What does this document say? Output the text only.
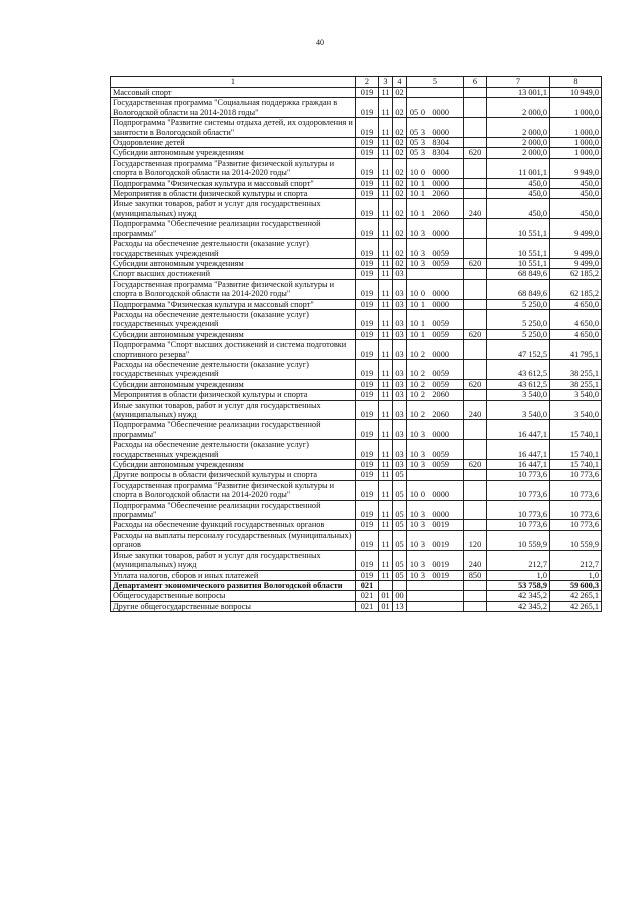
40
1	2	3	4	5	6	7	8
Массовый спорт	019	11	02			13 001,1	10 949,0
Государственная программа "Социальная поддержка граждан в Вологодской области на 2014-2018 годы"	019	11	02	05 0 0000		2 000,0	1 000,0
Подпрограмма "Развитие системы отдыха детей, их оздоровления и занятости в Вологодской области"	019	11	02	05 3 0000		2 000,0	1 000,0
Оздоровление детей	019	11	02	05 3 8304		2 000,0	1 000,0
Субсидии автономным учреждениям	019	11	02	05 3 8304	620	2 000,0	1 000,0
Государственная программа "Развитие физической культуры и спорта в Вологодской области на 2014-2020 годы"	019	11	02	10 0 0000		11 001,1	9 949,0
Подпрограмма "Физическая культура и массовый спорт"	019	11	02	10 1 0000		450,0	450,0
Мероприятия в области физической культуры и спорта	019	11	02	10 1 2060		450,0	450,0
Иные закупки товаров, работ и услуг для государственных (муниципальных) нужд	019	11	02	10 1 2060	240	450,0	450,0
Подпрограмма "Обеспечение реализации государственной программы"	019	11	02	10 3 0000		10 551,1	9 499,0
Расходы на обеспечение деятельности (оказание услуг) государственных учреждений	019	11	02	10 3 0059		10 551,1	9 499,0
Субсидии автономным учреждениям	019	11	02	10 3 0059	620	10 551,1	9 499,0
Спорт высших достижений	019	11	03			68 849,6	62 185,2
Государственная программа "Развитие физической культуры и спорта в Вологодской области на 2014-2020 годы"	019	11	03	10 0 0000		68 849,6	62 185,2
Подпрограмма "Физическая культура и массовый спорт"	019	11	03	10 1 0000		5 250,0	4 650,0
Расходы на обеспечение деятельности (оказание услуг) государственных учреждений	019	11	03	10 1 0059		5 250,0	4 650,0
Субсидии автономным учреждениям	019	11	03	10 1 0059	620	5 250,0	4 650,0
Подпрограмма "Спорт высших достижений и система подготовки спортивного резерва"	019	11	03	10 2 0000		47 152,5	41 795,1
Расходы на обеспечение деятельности (оказание услуг) государственных учреждений	019	11	03	10 2 0059		43 612,5	38 255,1
Субсидии автономным учреждениям	019	11	03	10 2 0059	620	43 612,5	38 255,1
Мероприятия в области физической культуры и спорта	019	11	03	10 2 2060		3 540,0	3 540,0
Иные закупки товаров, работ и услуг для государственных (муниципальных) нужд	019	11	03	10 2 2060	240	3 540,0	3 540,0
Подпрограмма "Обеспечение реализации государственной программы"	019	11	03	10 3 0000		16 447,1	15 740,1
Расходы на обеспечение деятельности (оказание услуг) государственных учреждений	019	11	03	10 3 0059		16 447,1	15 740,1
Субсидии автономным учреждениям	019	11	03	10 3 0059	620	16 447,1	15 740,1
Другие вопросы в области физической культуры и спорта	019	11	05			10 773,6	10 773,6
Государственная программа "Развитие физической культуры и спорта в Вологодской области на 2014-2020 годы"	019	11	05	10 0 0000		10 773,6	10 773,6
Подпрограмма "Обеспечение реализации государственной программы"	019	11	05	10 3 0000		10 773,6	10 773,6
Расходы на обеспечение функций государственных органов	019	11	05	10 3 0019		10 773,6	10 773,6
Расходы на выплаты персоналу государственных (муниципальных) органов	019	11	05	10 3 0019	120	10 559,9	10 559,9
Иные закупки товаров, работ и услуг для государственных (муниципальных) нужд	019	11	05	10 3 0019	240	212,7	212,7
Уплата налогов, сборов и иных платежей	019	11	05	10 3 0019	850	1,0	1,0
Департамент экономического развития Вологодской области	021					53 758,9	59 600,3
Общегосударственные вопросы	021	01	00			42 345,2	42 265,1
Другие общегосударственные вопросы	021	01	13			42 345,2	42 265,1
